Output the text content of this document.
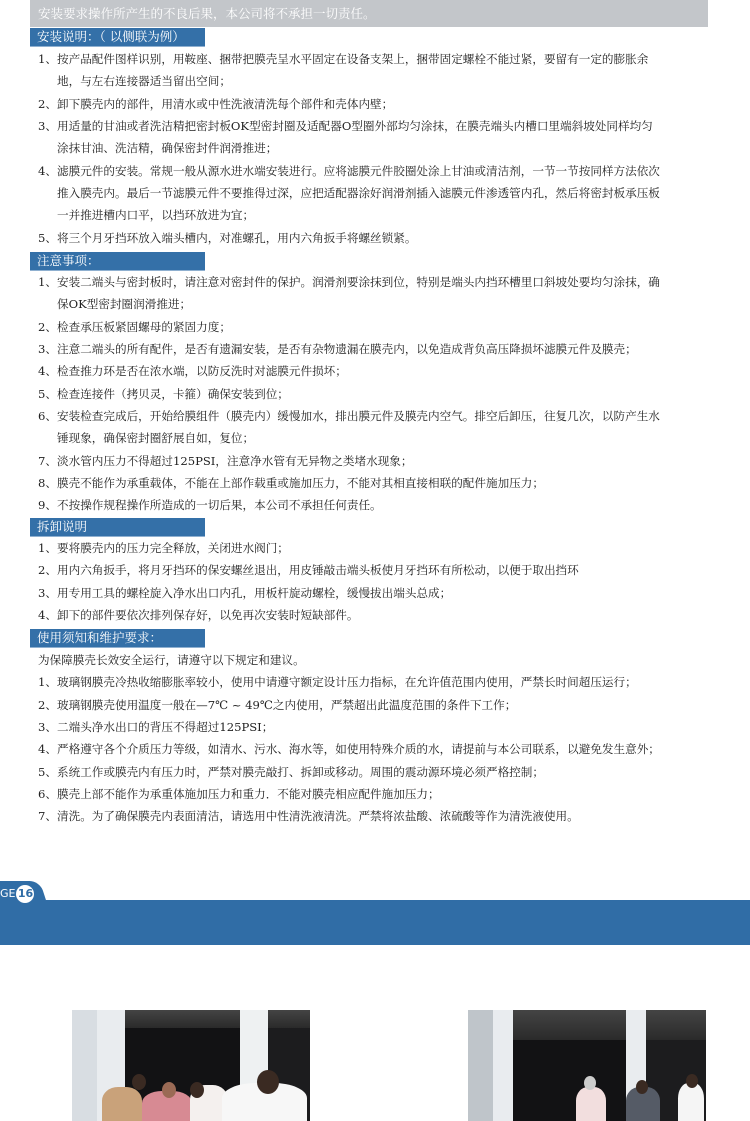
安装要求操作所产生的不良后果，本公司将不承担一切责任。
安装说明：（ 以侧联为例）
1、按产品配件图样识别，用鞍座、捆带把膜壳呈水平固定在设备支架上，捆带固定螺栓不能过紧，要留有一定的膨胀余
地，与左右连接器适当留出空间；
2、卸下膜壳内的部件，用清水或中性洗液清洗每个部件和壳体内壁；
3、用适量的甘油或者洗洁精把密封板OK型密封圈及适配器O型圈外部均匀涂抹，在膜壳端头内槽口里端斜坡处同样均匀
涂抹甘油、洗洁精，确保密封件润滑推进；
4、滤膜元件的安装。常规一般从源水进水端安装进行。应将滤膜元件胶圈处涂上甘油或清洁剂，一节一节按同样方法依次
推入膜壳内。最后一节滤膜元件不要推得过深，应把适配器涂好润滑剂插入滤膜元件渗透管内孔，然后将密封板承压板
一并推进槽内口平，以挡环放进为宜；
5、将三个月牙挡环放入端头槽内，对准螺孔，用内六角扳手将螺丝锁紧。
注意事项：
1、安装二端头与密封板时，请注意对密封件的保护。润滑剂要涂抹到位，特别是端头内挡环槽里口斜坡处要均匀涂抹，确
保OK型密封圈润滑推进；
2、检查承压板紧固螺母的紧固力度；
3、注意二端头的所有配件，是否有遗漏安装，是否有杂物遗漏在膜壳内，以免造成背负高压降损坏滤膜元件及膜壳；
4、检查推力环是否在浓水端，以防反洗时对滤膜元件损坏；
5、检查连接件（拷贝灵，卡箍）确保安装到位；
6、安装检查完成后，开始给膜组件（膜壳内）缓慢加水，排出膜元件及膜壳内空气。排空后卸压，往复几次，以防产生水
锤现象，确保密封圈舒展自如，复位；
7、淡水管内压力不得超过125PSI，注意净水管有无异物之类堵水现象；
8、膜壳不能作为承重载体，不能在上部作载重或施加压力，不能对其相直接相联的配件施加压力；
9、不按操作规程操作所造成的一切后果，本公司不承担任何责任。
拆卸说明
1、要将膜壳内的压力完全释放，关闭进水阀门；
2、用内六角扳手，将月牙挡环的保安螺丝退出，用皮锤敲击端头板使月牙挡环有所松动，以便于取出挡环
3、用专用工具的螺栓旋入净水出口内孔，用板杆旋动螺栓，缓慢拔出端头总成；
4、卸下的部件要依次排列保存好，以免再次安装时短缺部件。
使用须知和维护要求：
为保障膜壳长效安全运行，请遵守以下规定和建议。
1、玻璃钢膜壳冷热收缩膨胀率较小，使用中请遵守额定设计压力指标，在允许值范围内使用，严禁长时间超压运行；
2、玻璃钢膜壳使用温度一般在—7℃ ~ 49℃之内使用，严禁超出此温度范围的条件下工作；
3、二端头净水出口的背压不得超过125PSI；
4、严格遵守各个介质压力等级，如清水、污水、海水等，如使用特殊介质的水，请提前与本公司联系，以避免发生意外；
5、系统工作或膜壳内有压力时，严禁对膜壳敲打、拆卸或移动。周围的震动源环境必须严格控制；
6、膜壳上部不能作为承重体施加压力和重力．不能对膜壳相应配件施加压力；
7、清洗。为了确保膜壳内表面清洁，请选用中性清洗液清洗。严禁将浓盐酸、浓硫酸等作为清洗液使用。
GE 16
